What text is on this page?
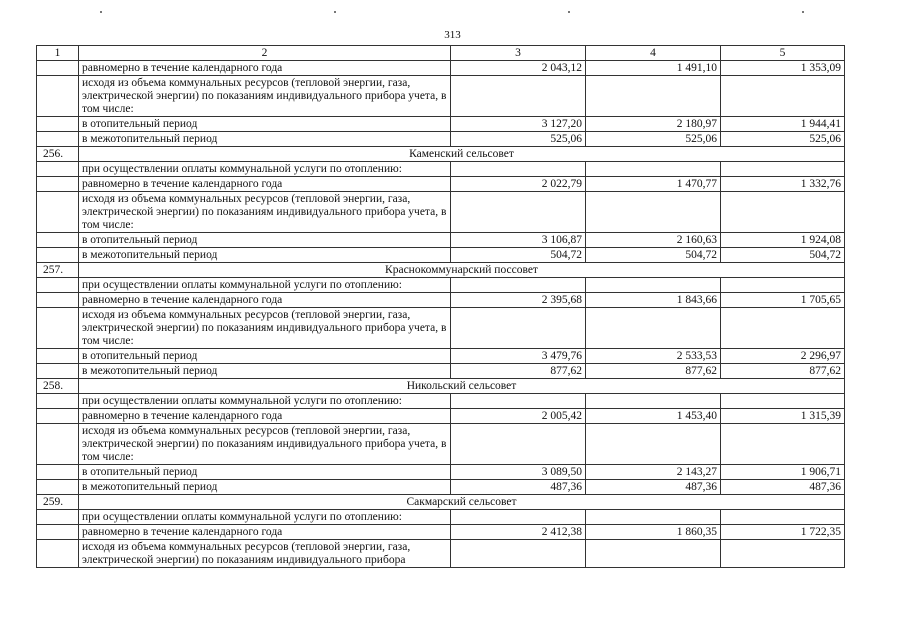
313
1	2	3	4	5
	равномерно в течение календарного года	2 043,12	1 491,10	1 353,09
	исходя из объема коммунальных ресурсов (тепловой энергии, газа, электрической энергии) по показаниям индивидуального прибора учета, в том числе:			
	в отопительный период	3 127,20	2 180,97	1 944,41
	в межотопительный период	525,06	525,06	525,06
256.	Каменский сельсовет			
	при осуществлении оплаты коммунальной услуги по отоплению:			
	равномерно в течение календарного года	2 022,79	1 470,77	1 332,76
	исходя из объема коммунальных ресурсов (тепловой энергии, газа, электрической энергии) по показаниям индивидуального прибора учета, в том числе:			
	в отопительный период	3 106,87	2 160,63	1 924,08
	в межотопительный период	504,72	504,72	504,72
257.	Краснокоммунарский поссовет			
	при осуществлении оплаты коммунальной услуги по отоплению:			
	равномерно в течение календарного года	2 395,68	1 843,66	1 705,65
	исходя из объема коммунальных ресурсов (тепловой энергии, газа, электрической энергии) по показаниям индивидуального прибора учета, в том числе:			
	в отопительный период	3 479,76	2 533,53	2 296,97
	в межотопительный период	877,62	877,62	877,62
258.	Никольский сельсовет			
	при осуществлении оплаты коммунальной услуги по отоплению:			
	равномерно в течение календарного года	2 005,42	1 453,40	1 315,39
	исходя из объема коммунальных ресурсов (тепловой энергии, газа, электрической энергии) по показаниям индивидуального прибора учета, в том числе:			
	в отопительный период	3 089,50	2 143,27	1 906,71
	в межотопительный период	487,36	487,36	487,36
259.	Сакмарский сельсовет			
	при осуществлении оплаты коммунальной услуги по отоплению:			
	равномерно в течение календарного года	2 412,38	1 860,35	1 722,35
	исходя из объема коммунальных ресурсов (тепловой энергии, газа, электрической энергии) по показаниям индивидуального прибора			
